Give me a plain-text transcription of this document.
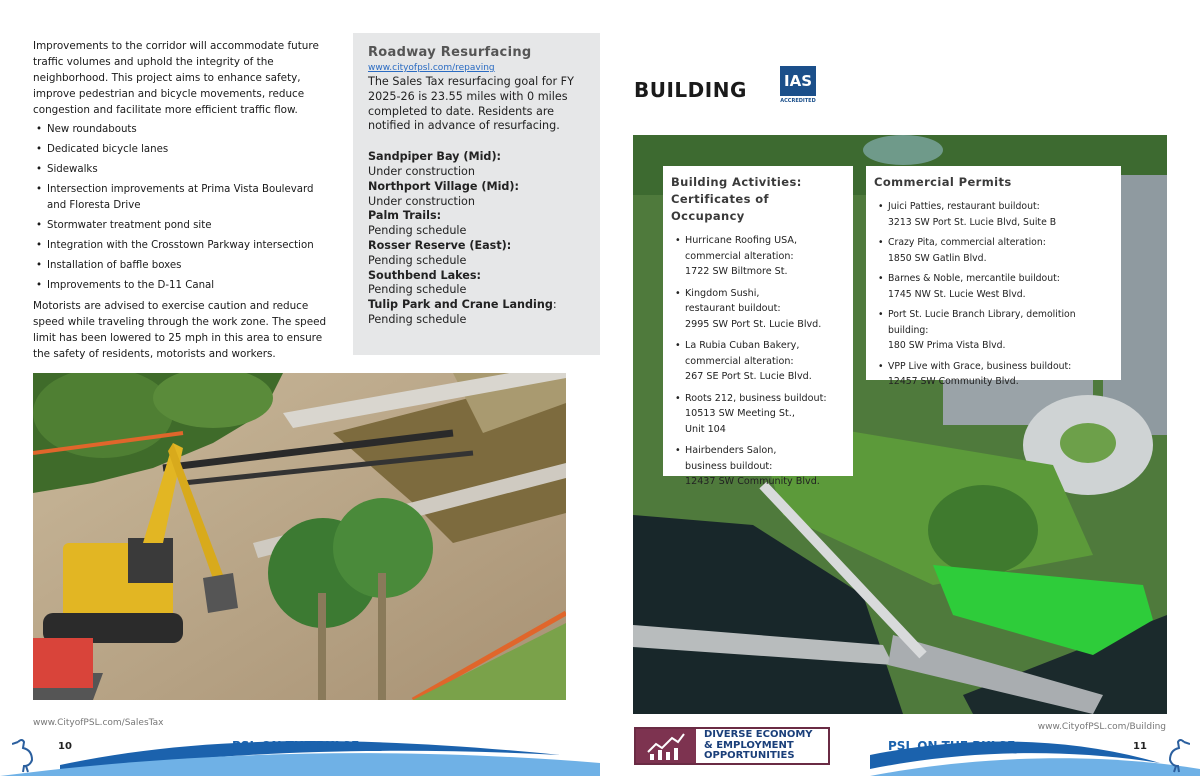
Improvements to the corridor will accommodate future traffic volumes and uphold the integrity of the neighborhood. This project aims to enhance safety, improve pedestrian and bicycle movements, reduce congestion and facilitate more efficient traffic flow.

• New roundabouts
• Dedicated bicycle lanes
• Sidewalks
• Intersection improvements at Prima Vista Boulevard and Floresta Drive
• Stormwater treatment pond site
• Integration with the Crosstown Parkway intersection
• Installation of baffle boxes
• Improvements to the D-11 Canal

Motorists are advised to exercise caution and reduce speed while traveling through the work zone. The speed limit has been lowered to 25 mph in this area to ensure the safety of residents, motorists and workers.

Roadway Resurfacing
www.cityofpsl.com/repaving
The Sales Tax resurfacing goal for FY 2025-26 is 23.55 miles with 0 miles completed to date. Residents are notified in advance of resurfacing.
Sandpiper Bay (Mid):
Under construction
Northport Village (Mid):
Under construction
Palm Trails:
Pending schedule
Rosser Reserve (East):
Pending schedule
Southbend Lakes:
Pending schedule
Tulip Park and Crane Landing:
Pending schedule
www.CityofPSL.com/SalesTax
10	PSL ON THE PULSE
BUILDING IAS
ACCREDITED
Building Activities:
Certificates of Occupancy
• Hurricane Roofing USA,
commercial alteration:
1722 SW Biltmore St.
• Kingdom Sushi,
restaurant buildout:
2995 SW Port St. Lucie Blvd.
• La Rubia Cuban Bakery,
commercial alteration:
267 SE Port St. Lucie Blvd.
• Roots 212, business buildout:
10513 SW Meeting St.,
Unit 104
• Hairbenders Salon,
business buildout:
12437 SW Community Blvd.
Commercial Permits
• Juici Patties, restaurant buildout:
3213 SW Port St. Lucie Blvd, Suite B
• Crazy Pita, commercial alteration:
1850 SW Gatlin Blvd.
• Barnes & Noble, mercantile buildout:
1745 NW St. Lucie West Blvd.
• Port St. Lucie Branch Library, demolition building:
180 SW Prima Vista Blvd.
• VPP Live with Grace, business buildout:
12457 SW Community Blvd.
www.CityofPSL.com/Building
DIVERSE ECONOMY
& EMPLOYMENT
OPPORTUNITIES
PSL ON THE PULSE	11
